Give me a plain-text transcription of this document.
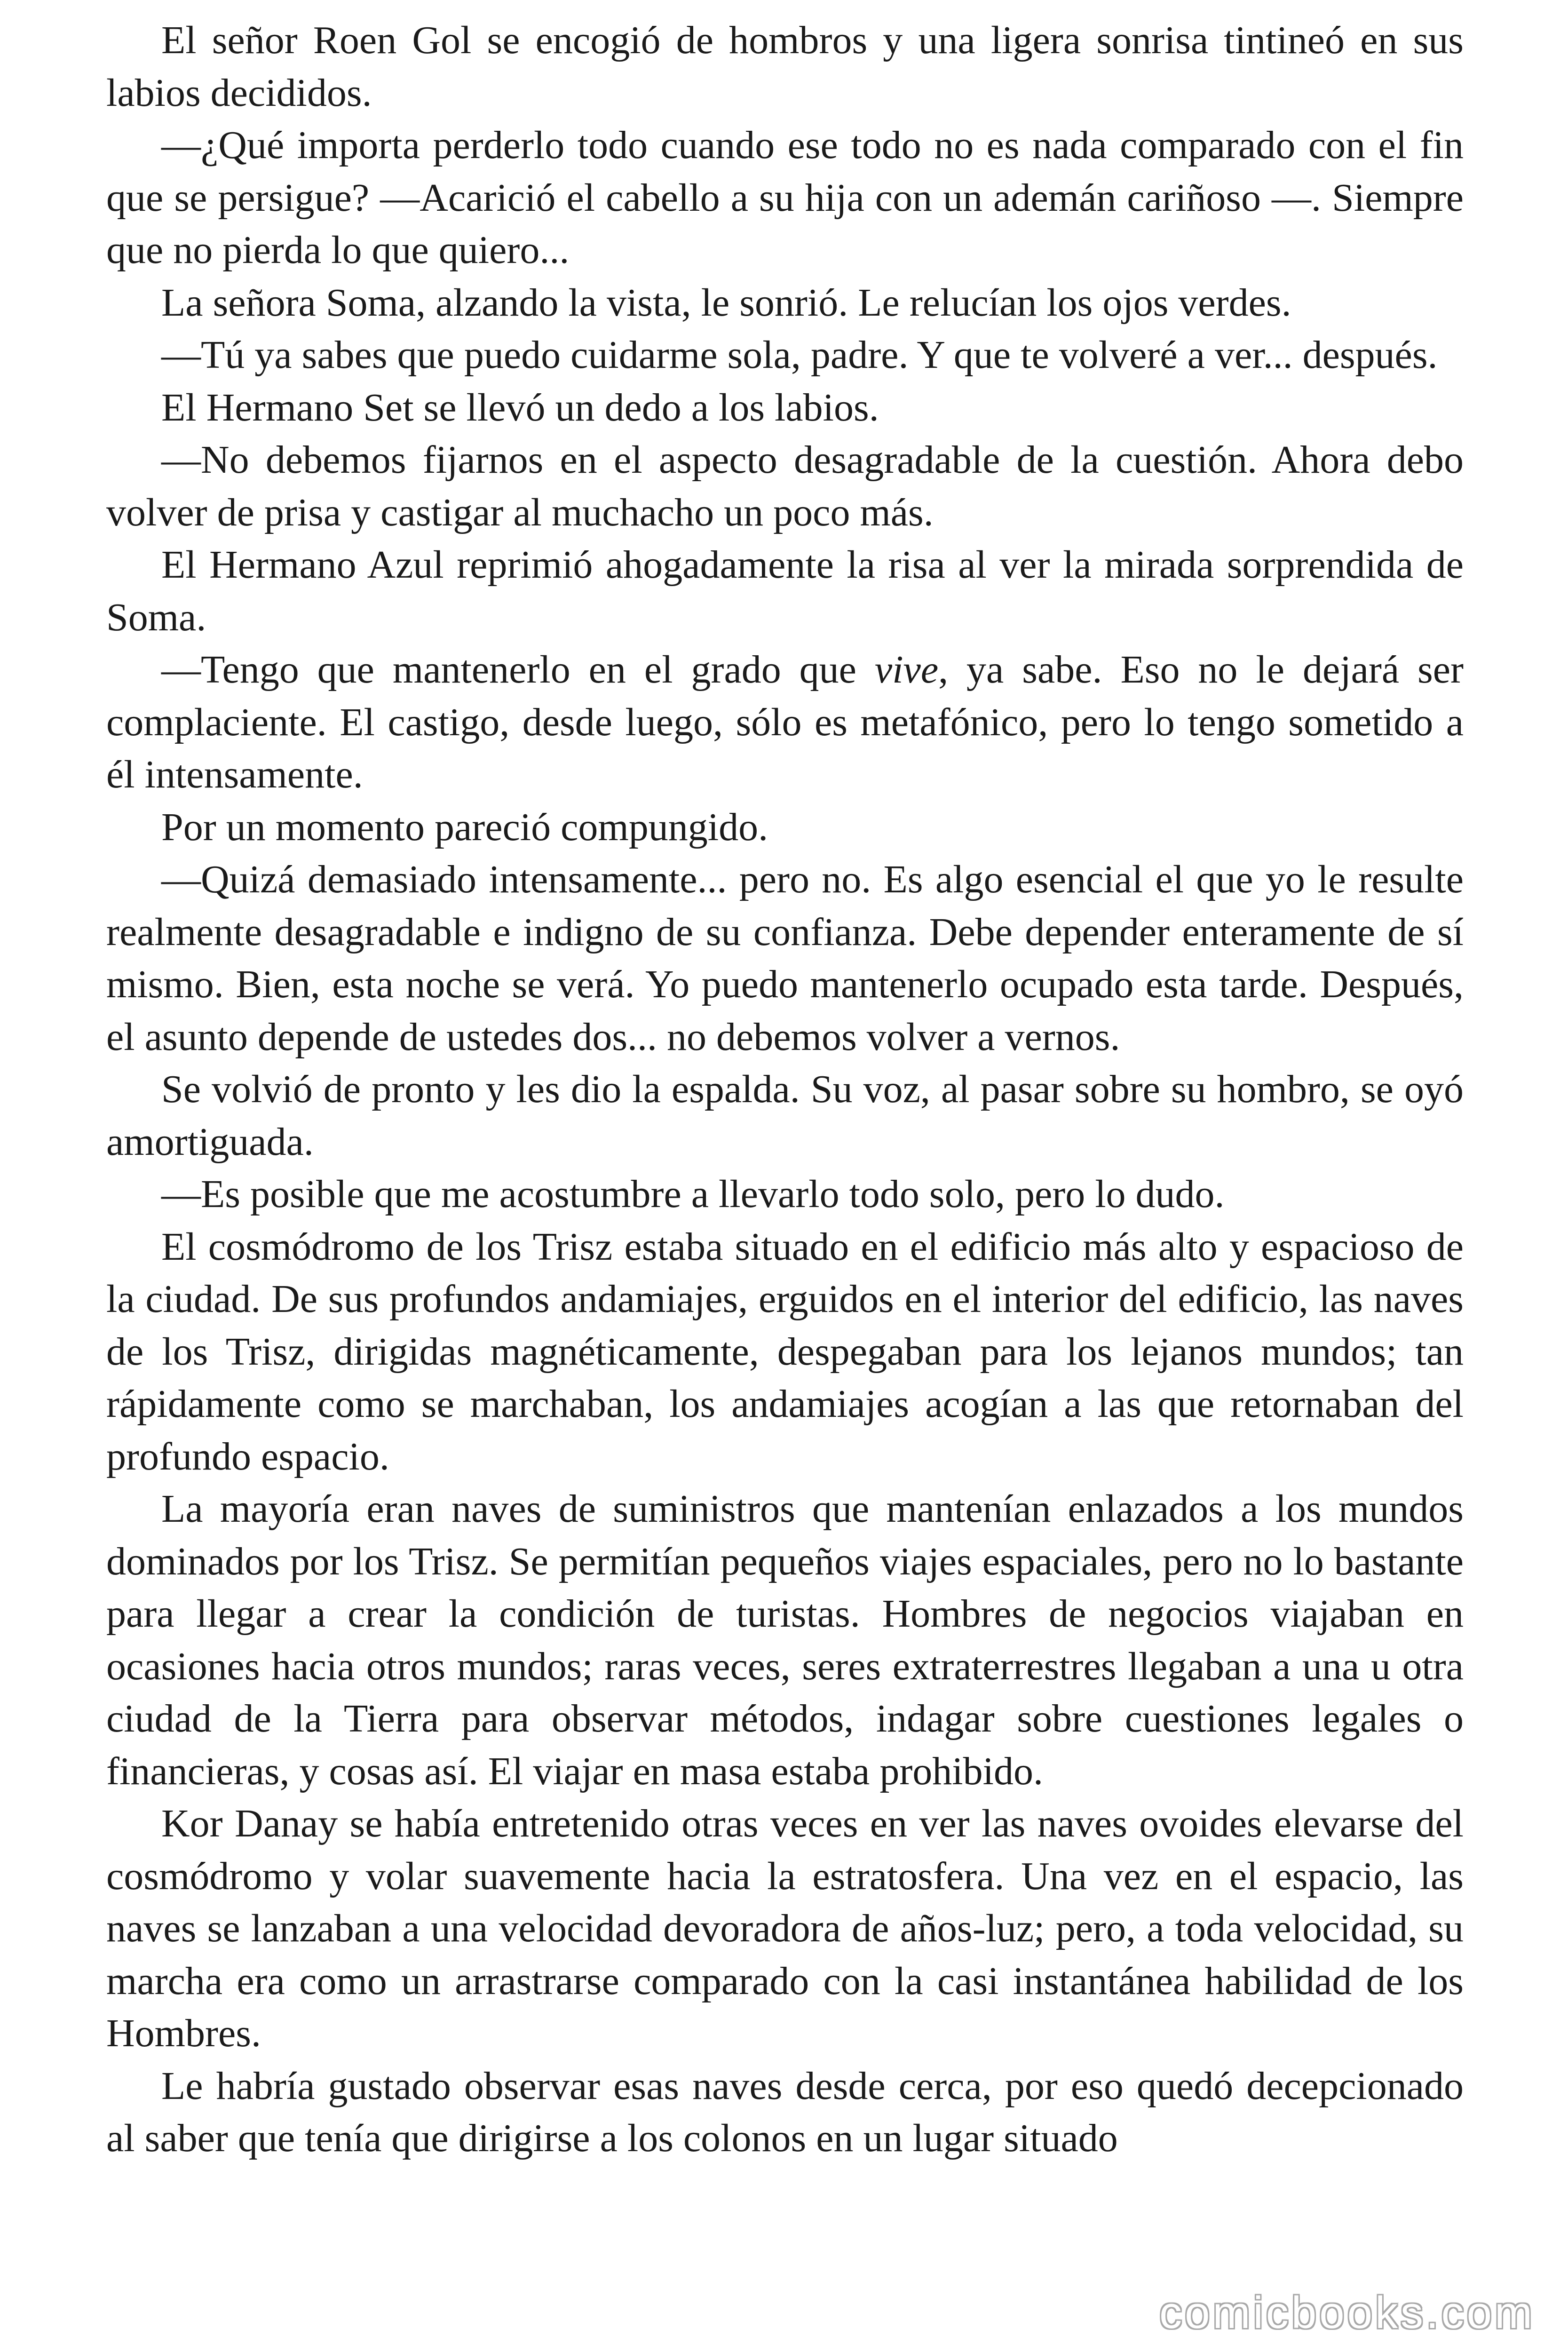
El señor Roen Gol se encogió de hombros y una ligera sonrisa tintineó en sus labios decididos.

—¿Qué importa perderlo todo cuando ese todo no es nada comparado con el fin que se persigue? —Acarició el cabello a su hija con un ademán cariñoso —. Siempre que no pierda lo que quiero...

La señora Soma, alzando la vista, le sonrió. Le relucían los ojos verdes.

—Tú ya sabes que puedo cuidarme sola, padre. Y que te volveré a ver... después.

El Hermano Set se llevó un dedo a los labios.

—No debemos fijarnos en el aspecto desagradable de la cuestión. Ahora debo volver de prisa y castigar al muchacho un poco más.

El Hermano Azul reprimió ahogadamente la risa al ver la mirada sorprendida de Soma.

—Tengo que mantenerlo en el grado que vive, ya sabe. Eso no le dejará ser complaciente. El castigo, desde luego, sólo es metafónico, pero lo tengo sometido a él intensamente.

Por un momento pareció compungido.

—Quizá demasiado intensamente... pero no. Es algo esencial el que yo le resulte realmente desagradable e indigno de su confianza. Debe depender enteramente de sí mismo. Bien, esta noche se verá. Yo puedo mantenerlo ocupado esta tarde. Después, el asunto depende de ustedes dos... no debemos volver a vernos.

Se volvió de pronto y les dio la espalda. Su voz, al pasar sobre su hombro, se oyó amortiguada.

—Es posible que me acostumbre a llevarlo todo solo, pero lo dudo.

El cosmódromo de los Trisz estaba situado en el edificio más alto y espacioso de la ciudad. De sus profundos andamiajes, erguidos en el interior del edificio, las naves de los Trisz, dirigidas magnéticamente, despegaban para los lejanos mundos; tan rápidamente como se marchaban, los andamiajes acogían a las que retornaban del profundo espacio.

La mayoría eran naves de suministros que mantenían enlazados a los mundos dominados por los Trisz. Se permitían pequeños viajes espaciales, pero no lo bastante para llegar a crear la condición de turistas. Hombres de negocios viajaban en ocasiones hacia otros mundos; raras veces, seres extraterrestres llegaban a una u otra ciudad de la Tierra para observar métodos, indagar sobre cuestiones legales o financieras, y cosas así. El viajar en masa estaba prohibido.

Kor Danay se había entretenido otras veces en ver las naves ovoides elevarse del cosmódromo y volar suavemente hacia la estratosfera. Una vez en el espacio, las naves se lanzaban a una velocidad devoradora de años-luz; pero, a toda velocidad, su marcha era como un arrastrarse comparado con la casi instantánea habilidad de los Hombres.

Le habría gustado observar esas naves desde cerca, por eso quedó decepcionado al saber que tenía que dirigirse a los colonos en un lugar situado

comicbooks.com
